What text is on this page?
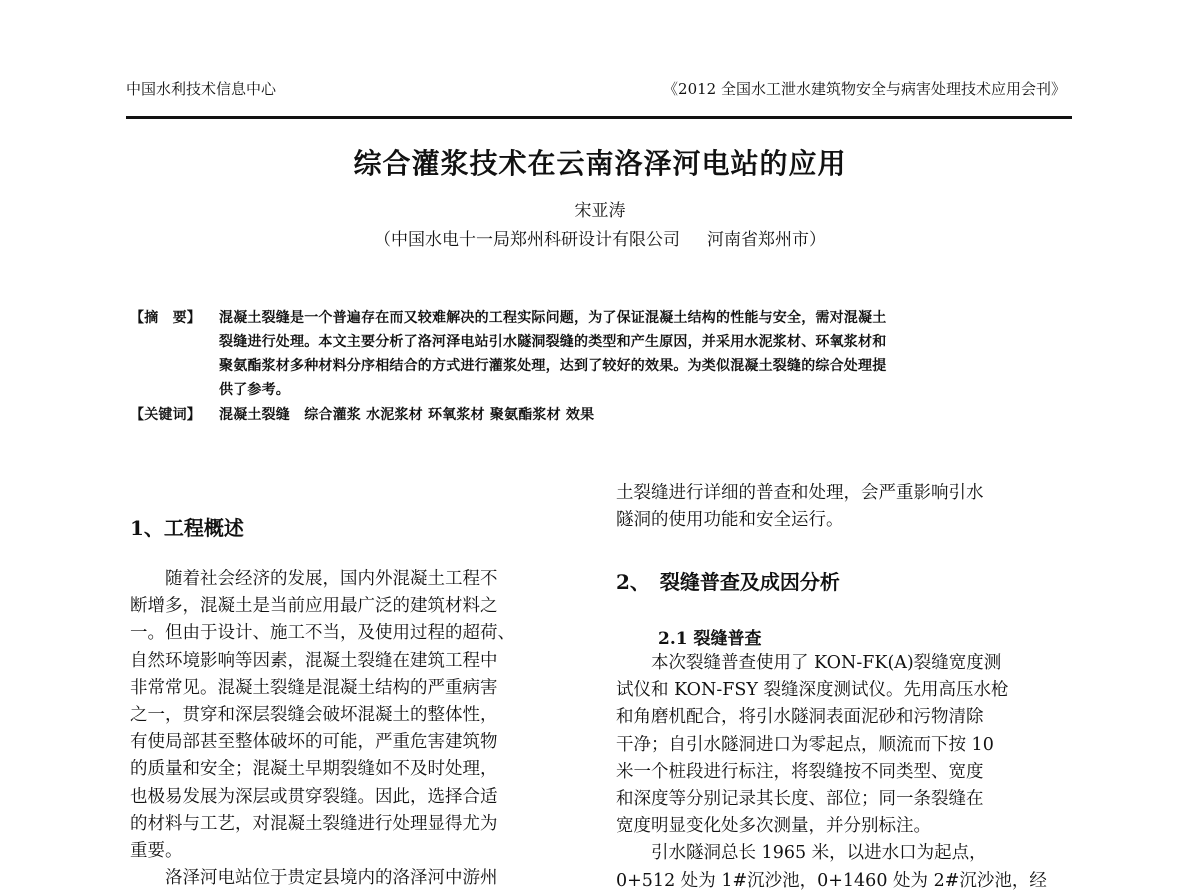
中国水利技术信息中心	《2012 全国水工泄水建筑物安全与病害处理技术应用会刊》
综合灌浆技术在云南洛泽河电站的应用
宋亚涛
（中国水电十一局郑州科研设计有限公司     河南省郑州市）
【摘　要】 混凝土裂缝是一个普遍存在而又较难解决的工程实际问题，为了保证混凝土结构的性能与安全，需对混凝土
裂缝进行处理。本文主要分析了洛河泽电站引水隧洞裂缝的类型和产生原因，并采用水泥浆材、环氧浆材和
聚氨酯浆材多种材料分序相结合的方式进行灌浆处理，达到了较好的效果。为类似混凝土裂缝的综合处理提
供了参考。
【关键词】 混凝土裂缝　综合灌浆 水泥浆材 环氧浆材 聚氨酯浆材 效果
1、工程概述
　　随着社会经济的发展，国内外混凝土工程不
断增多，混凝土是当前应用最广泛的建筑材料之
一。但由于设计、施工不当，及使用过程的超荷、
自然环境影响等因素，混凝土裂缝在建筑工程中
非常常见。混凝土裂缝是混凝土结构的严重病害
之一，贯穿和深层裂缝会破坏混凝土的整体性，
有使局部甚至整体破坏的可能，严重危害建筑物
的质量和安全；混凝土早期裂缝如不及时处理，
也极易发展为深层或贯穿裂缝。因此，选择合适
的材料与工艺，对混凝土裂缝进行处理显得尤为
重要。
　　洛泽河电站位于贵定县境内的洛泽河中游州
土裂缝进行详细的普查和处理，会严重影响引水
隧洞的使用功能和安全运行。
2、　裂缝普查及成因分析
2.1 裂缝普查
　　本次裂缝普查使用了 KON-FK(A)裂缝宽度测
试仪和 KON-FSY 裂缝深度测试仪。先用高压水枪
和角磨机配合，将引水隧洞表面泥砂和污物清除
干净；自引水隧洞进口为零起点，顺流而下按 10
米一个桩段进行标注，将裂缝按不同类型、宽度
和深度等分别记录其长度、部位；同一条裂缝在
宽度明显变化处多次测量，并分别标注。
　　引水隧洞总长 1965 米，以进水口为起点，
0+512 处为 1#沉沙池，0+1460 处为 2#沉沙池，经
